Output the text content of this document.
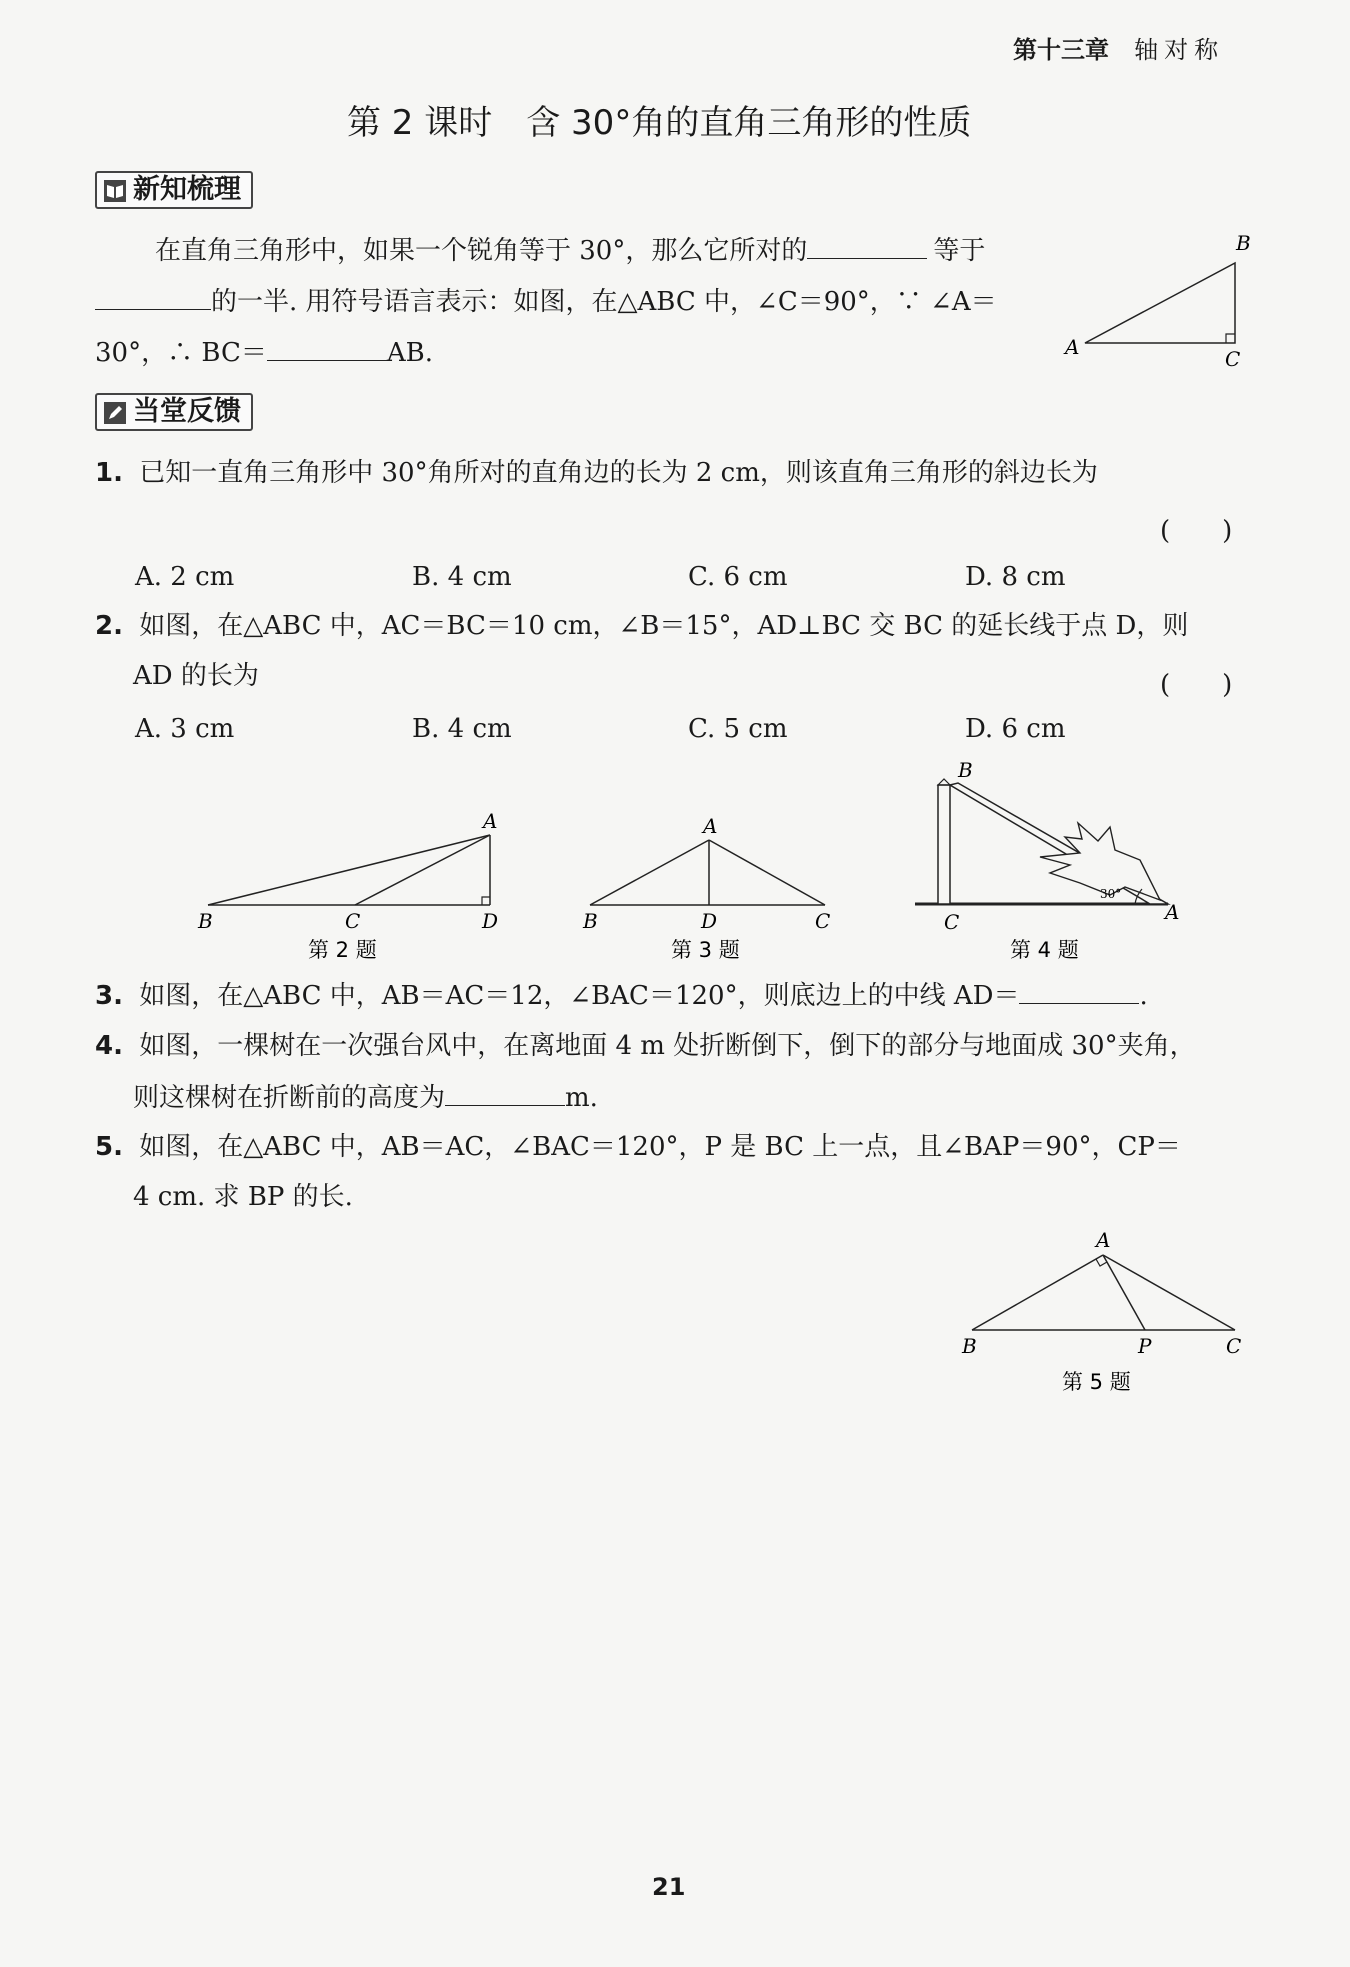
第十三章 轴对称
第 2 课时　含 30°角的直角三角形的性质
新知梳理
在直角三角形中，如果一个锐角等于 30°，那么它所对的	等于
的一半. 用符号语言表示：如图，在△ABC 中，∠C＝90°，∵ ∠A＝
30°，∴ BC＝	AB.
B
A	C
当堂反馈
1. 已知一直角三角形中 30°角所对的直角边的长为 2 cm，则该直角三角形的斜边长为
(　　)
A. 2 cm	B. 4 cm	C. 6 cm	D. 8 cm
2. 如图，在△ABC 中，AC＝BC＝10 cm，∠B＝15°，AD⊥BC 交 BC 的延长线于点 D，则
AD 的长为	(　　)
A. 3 cm	B. 4 cm	C. 5 cm	D. 6 cm
A
B	C	D
第 2 题
A
B	D	C
第 3 题
30°
B
C	A
第 4 题
3. 如图，在△ABC 中，AB＝AC＝12，∠BAC＝120°，则底边上的中线 AD＝	.
4. 如图，一棵树在一次强台风中，在离地面 4 m 处折断倒下，倒下的部分与地面成 30°夹角，
则这棵树在折断前的高度为	m.
5. 如图，在△ABC 中，AB＝AC，∠BAC＝120°，P 是 BC 上一点，且∠BAP＝90°，CP＝
4 cm. 求 BP 的长.
A
B	P	C
第 5 题
21
